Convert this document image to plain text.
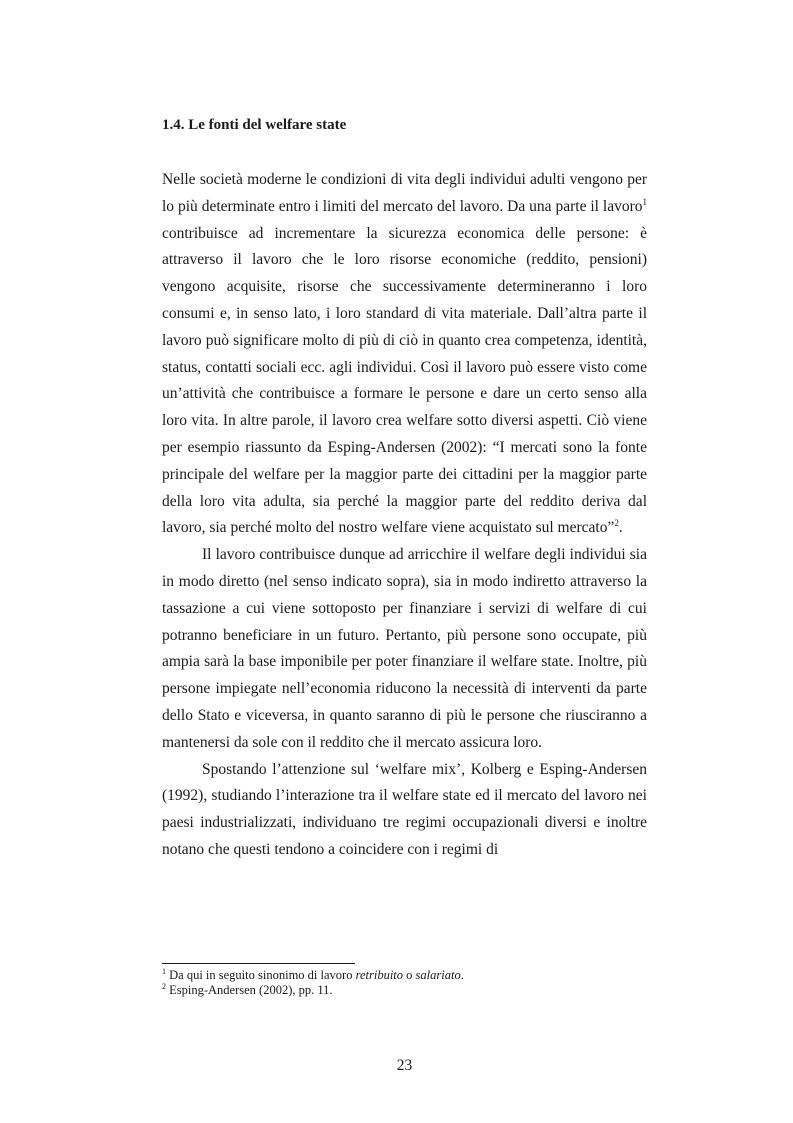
1.4. Le fonti del welfare state

Nelle società moderne le condizioni di vita degli individui adulti vengono per lo più determinate entro i limiti del mercato del lavoro. Da una parte il lavoro$^1$ contribuisce ad incrementare la sicurezza economica delle persone: è attraverso il lavoro che le loro risorse economiche (reddito, pensioni) vengono acquisite, risorse che successivamente determineranno i loro consumi e, in senso lato, i loro standard di vita materiale. Dall’altra parte il lavoro può significare molto di più di ciò in quanto crea competenza, identità, status, contatti sociali ecc. agli individui. Così il lavoro può essere visto come un’attività che contribuisce a formare le persone e dare un certo senso alla loro vita. In altre parole, il lavoro crea welfare sotto diversi aspetti. Ciò viene per esempio riassunto da Esping-Andersen (2002): “I mercati sono la fonte principale del welfare per la maggior parte dei cittadini per la maggior parte della loro vita adulta, sia perché la maggior parte del reddito deriva dal lavoro, sia perché molto del nostro welfare viene acquistato sul mercato”$^2$.

Il lavoro contribuisce dunque ad arricchire il welfare degli individui sia in modo diretto (nel senso indicato sopra), sia in modo indiretto attraverso la tassazione a cui viene sottoposto per finanziare i servizi di welfare di cui potranno beneficiare in un futuro. Pertanto, più persone sono occupate, più ampia sarà la base imponibile per poter finanziare il welfare state. Inoltre, più persone impiegate nell’economia riducono la necessità di interventi da parte dello Stato e viceversa, in quanto saranno di più le persone che riusciranno a mantenersi da sole con il reddito che il mercato assicura loro.

Spostando l’attenzione sul ‘welfare mix’, Kolberg e Esping-Andersen (1992), studiando l’interazione tra il welfare state ed il mercato del lavoro nei paesi industrializzati, individuano tre regimi occupazionali diversi e inoltre notano che questi tendono a coincidere con i regimi di

$^1$ Da qui in seguito sinonimo di lavoro retribuito o salariato.

$^2$ Esping-Andersen (2002), pp. 11.

23
